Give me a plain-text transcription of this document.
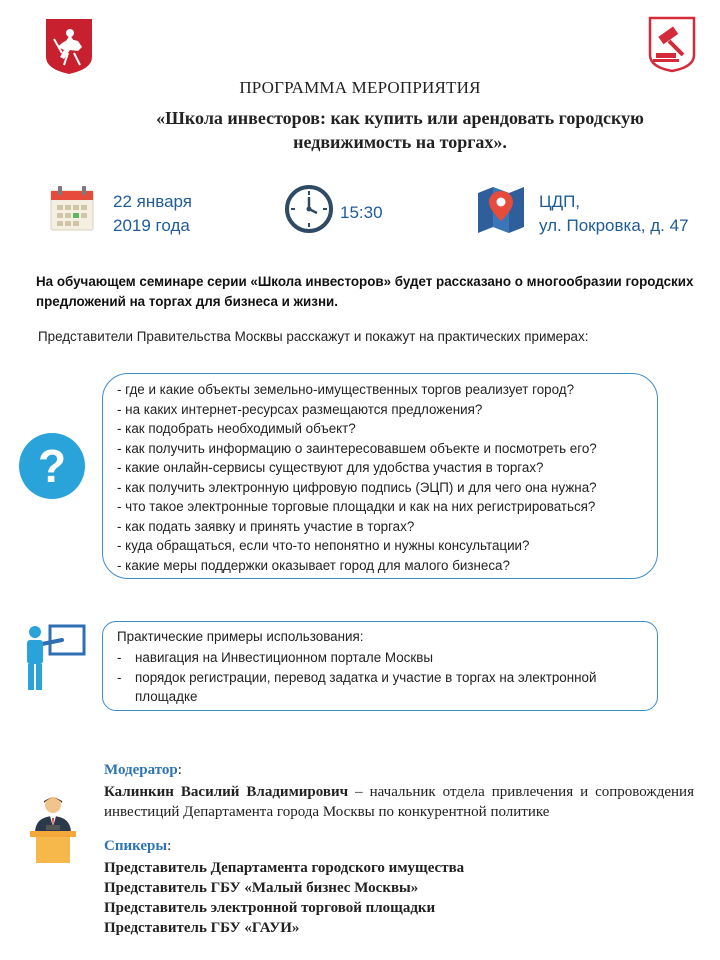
ПРОГРАММА МЕРОПРИЯТИЯ
«Школа инвесторов: как купить или арендовать городскую
недвижимость на торгах».
22 января
2019 года
15:30
ЦДП,
ул. Покровка, д. 47
На обучающем семинаре серии «Школа инвесторов» будет рассказано о многообразии городских предложений на торгах для бизнеса и жизни.
Представители Правительства Москвы расскажут и покажут на практических примерах:
?
- где и какие объекты земельно-имущественных торгов реализует город?
- на каких интернет-ресурсах размещаются предложения?
- как подобрать необходимый объект?
- как получить информацию о заинтересовавшем объекте и посмотреть его?
- какие онлайн-сервисы существуют для удобства участия в торгах?
- как получить электронную цифровую подпись (ЭЦП) и для чего она нужна?
- что такое электронные торговые площадки и как на них регистрироваться?
- как подать заявку и принять участие в торгах?
- куда обращаться, если что-то непонятно и нужны консультации?
- какие меры поддержки оказывает город для малого бизнеса?
Практические примеры использования:
- навигация на Инвестиционном портале Москвы
- порядок регистрации, перевод задатка и участие в торгах на электронной площадке
Модератор:
Калинкин Василий Владимирович – начальник отдела привлечения и сопровождения инвестиций Департамента города Москвы по конкурентной политике
Спикеры:
Представитель Департамента городского имущества
Представитель ГБУ «Малый бизнес Москвы»
Представитель электронной торговой площадки
Представитель ГБУ «ГАУИ»
